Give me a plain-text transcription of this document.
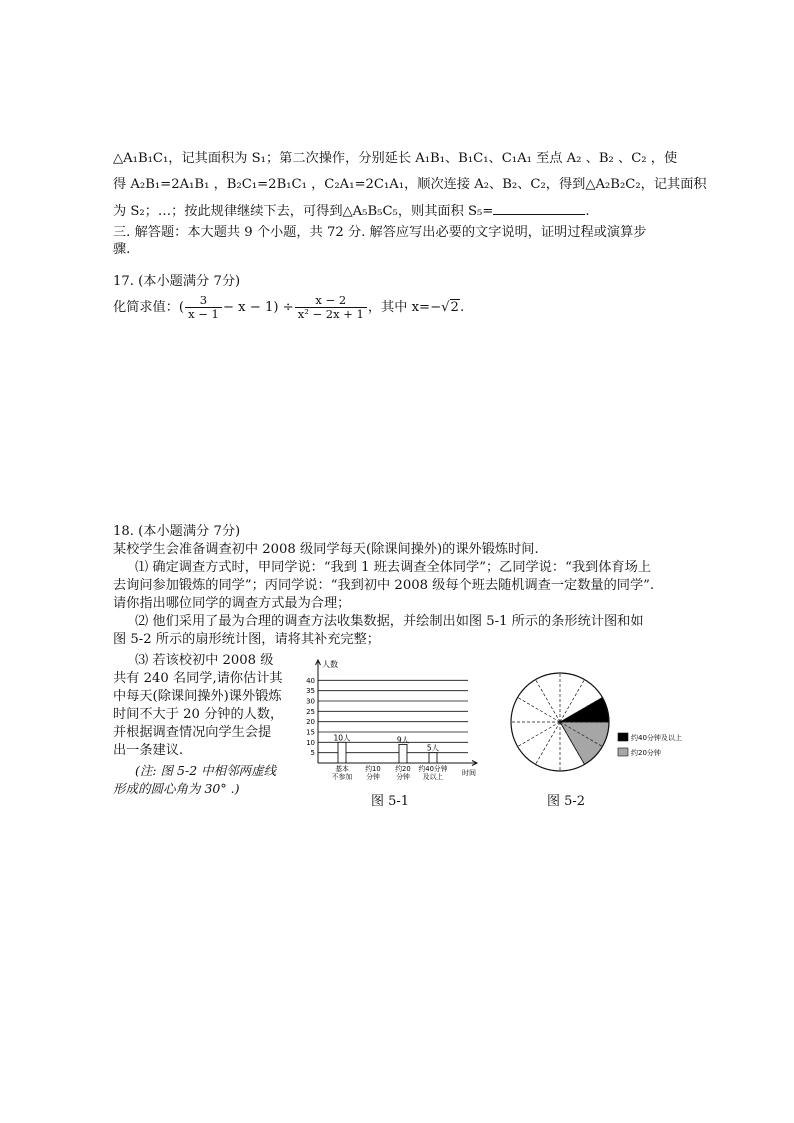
△A₁B₁C₁，记其面积为 S₁；第二次操作，分别延长 A₁B₁、B₁C₁、C₁A₁ 至点 A₂ 、B₂ 、C₂ ，使
得 A₂B₁=2A₁B₁ ，B₂C₁=2B₁C₁ ，C₂A₁=2C₁A₁，顺次连接 A₂、B₂、C₂，得到△A₂B₂C₂，记其面积
为 S₂；…；按此规律继续下去，可得到△A₅B₅C₅，则其面积 S₅=	.
三. 解答题：本大题共 9 个小题，共 72 分. 解答应写出必要的文字说明，证明过程或演算步
骤.
17. (本小题满分 7分)
化简求值：( $\frac{3}{x - 1} - x - 1) \div \frac{x - 2}{\text{x² − 2x + 1}}$ ，其中 x=−√2.
18. (本小题满分 7分)
某校学生会准备调查初中 2008 级同学每天(除课间操外)的课外锻炼时间.
⑴ 确定调查方式时，甲同学说：“我到 1 班去调查全体同学”；乙同学说：“我到体育场上
去询问参加锻炼的同学”；丙同学说：“我到初中 2008 级每个班去随机调查一定数量的同学”.
请你指出哪位同学的调查方式最为合理；
⑵ 他们采用了最为合理的调查方法收集数据，并绘制出如图 5-1 所示的条形统计图和如
图 5-2 所示的扇形统计图，请将其补充完整；
⑶ 若该校初中 2008 级
共有 240 名同学,请你估计其
中每天(除课间操外)课外锻炼
时间不大于 20 分钟的人数，
并根据调查情况向学生会提
出一条建议.
(注: 图 5-2 中相邻两虚线
形成的圆心角为 30° .)
5
10
15
20
25
30
35
40
人数
时间
10人
基本
不参加
约10
分钟
9人
约20
分钟
5人
约40分钟
及以上
图 5-1
约40分钟及以上
约20分钟
图 5-2
